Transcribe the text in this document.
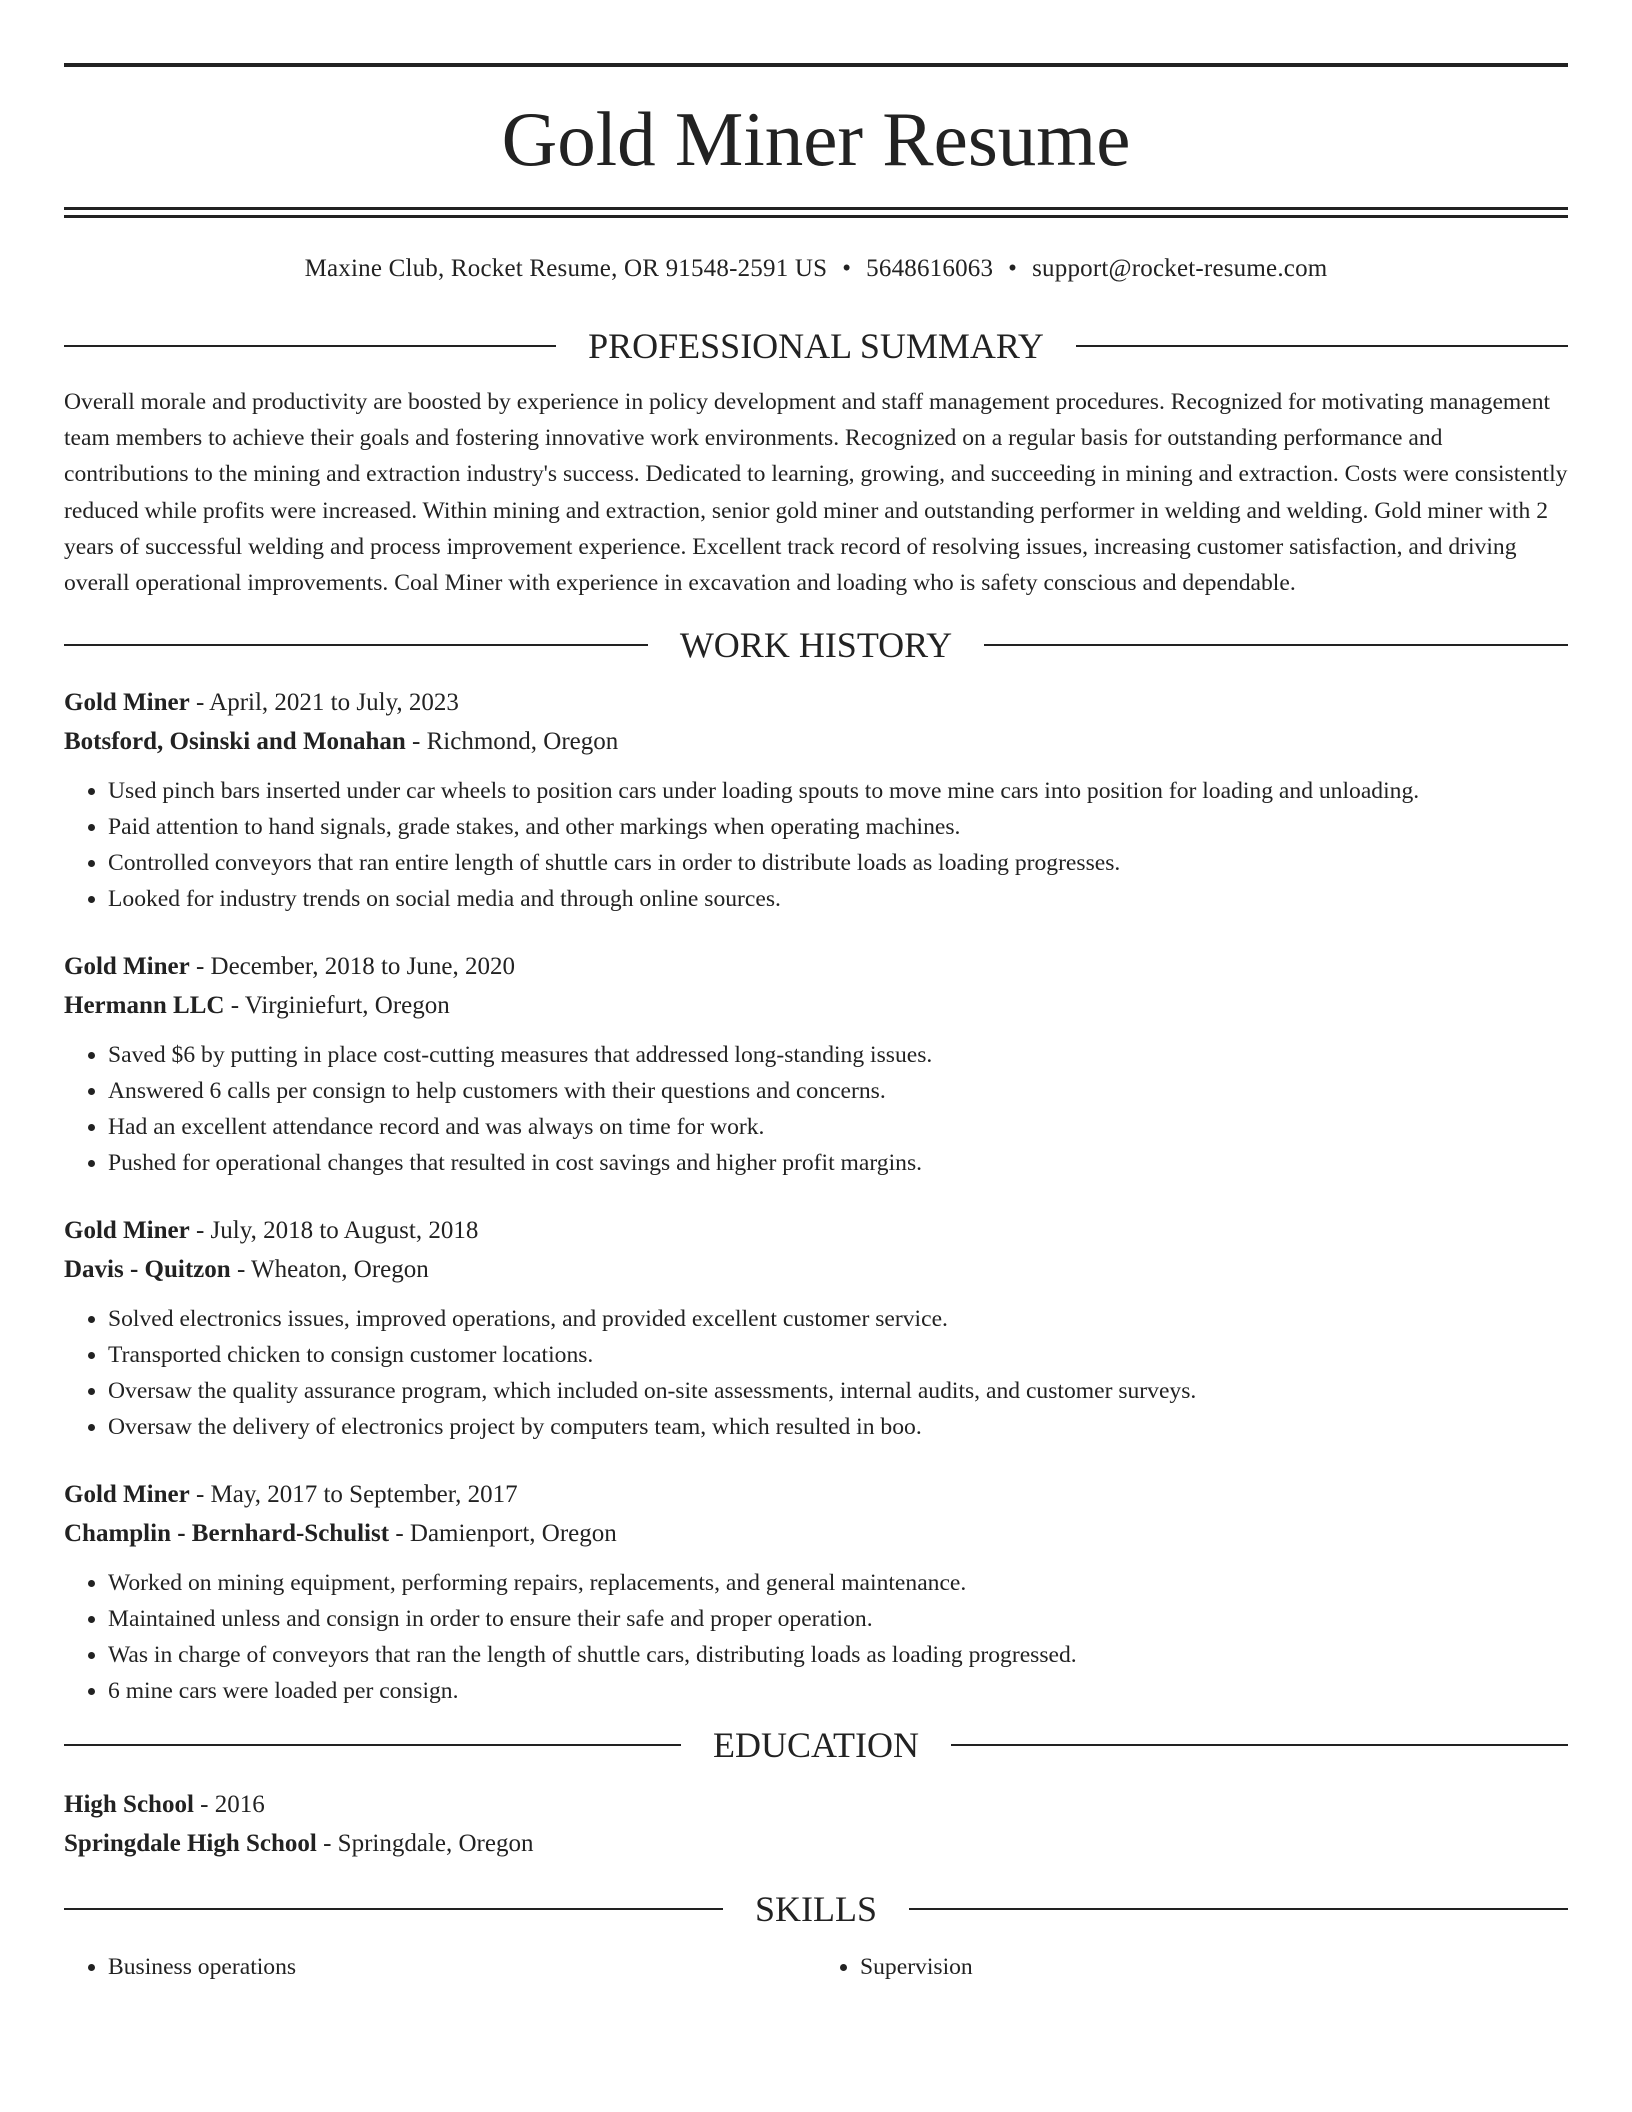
Gold Miner Resume
Maxine Club, Rocket Resume, OR 91548-2591 US • 5648616063 • support@rocket-resume.com
PROFESSIONAL SUMMARY

Overall morale and productivity are boosted by experience in policy development and staff management procedures. Recognized for motivating management team members to achieve their goals and fostering innovative work environments. Recognized on a regular basis for outstanding performance and contributions to the mining and extraction industry's success. Dedicated to learning, growing, and succeeding in mining and extraction. Costs were consistently reduced while profits were increased. Within mining and extraction, senior gold miner and outstanding performer in welding and welding. Gold miner with 2 years of successful welding and process improvement experience. Excellent track record of resolving issues, increasing customer satisfaction, and driving overall operational improvements. Coal Miner with experience in excavation and loading who is safety conscious and dependable.

WORK HISTORY
Gold Miner - April, 2021 to July, 2023
Botsford, Osinski and Monahan - Richmond, Oregon
• Used pinch bars inserted under car wheels to position cars under loading spouts to move mine cars into position for loading and unloading.
• Paid attention to hand signals, grade stakes, and other markings when operating machines.
• Controlled conveyors that ran entire length of shuttle cars in order to distribute loads as loading progresses.
• Looked for industry trends on social media and through online sources.
Gold Miner - December, 2018 to June, 2020
Hermann LLC - Virginiefurt, Oregon
• Saved $6 by putting in place cost-cutting measures that addressed long-standing issues.
• Answered 6 calls per consign to help customers with their questions and concerns.
• Had an excellent attendance record and was always on time for work.
• Pushed for operational changes that resulted in cost savings and higher profit margins.
Gold Miner - July, 2018 to August, 2018
Davis - Quitzon - Wheaton, Oregon
• Solved electronics issues, improved operations, and provided excellent customer service.
• Transported chicken to consign customer locations.
• Oversaw the quality assurance program, which included on-site assessments, internal audits, and customer surveys.
• Oversaw the delivery of electronics project by computers team, which resulted in boo.
Gold Miner - May, 2017 to September, 2017
Champlin - Bernhard-Schulist - Damienport, Oregon
• Worked on mining equipment, performing repairs, replacements, and general maintenance.
• Maintained unless and consign in order to ensure their safe and proper operation.
• Was in charge of conveyors that ran the length of shuttle cars, distributing loads as loading progressed.
• 6 mine cars were loaded per consign.
EDUCATION
High School - 2016
Springdale High School - Springdale, Oregon
SKILLS
• Business operations
•	Supervision
